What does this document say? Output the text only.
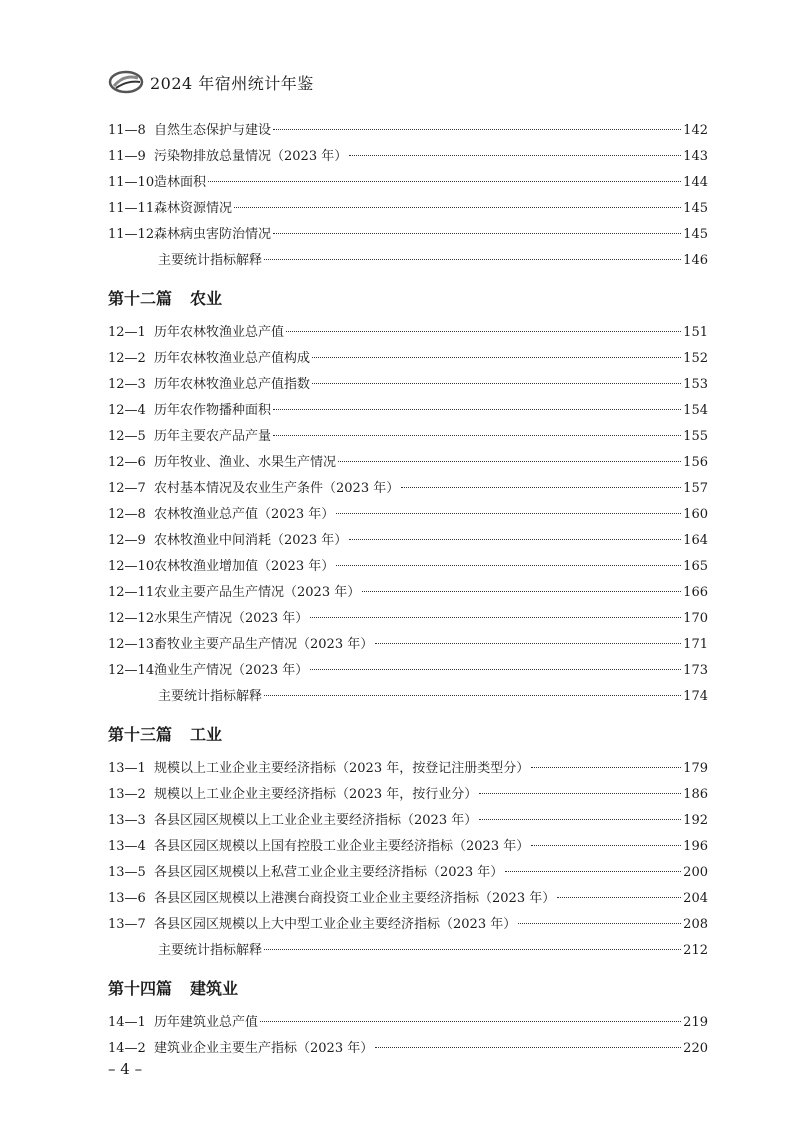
2024 年宿州统计年鉴
11—8 自然生态保护与建设	142
11—9 污染物排放总量情况（2023 年）	143
11—10造林面积	144
11—11森林资源情况	145
11—12森林病虫害防治情况	145
主要统计指标解释	146
第十二篇 农业
12—1 历年农林牧渔业总产值	151
12—2 历年农林牧渔业总产值构成	152
12—3 历年农林牧渔业总产值指数	153
12—4 历年农作物播种面积	154
12—5 历年主要农产品产量	155
12—6 历年牧业、渔业、水果生产情况	156
12—7 农村基本情况及农业生产条件（2023 年）	157
12—8 农林牧渔业总产值（2023 年）	160
12—9 农林牧渔业中间消耗（2023 年）	164
12—10农林牧渔业增加值（2023 年）	165
12—11农业主要产品生产情况（2023 年）	166
12—12水果生产情况（2023 年）	170
12—13畜牧业主要产品生产情况（2023 年）	171
12—14渔业生产情况（2023 年）	173
主要统计指标解释	174
第十三篇 工业
13—1 规模以上工业企业主要经济指标（2023 年，按登记注册类型分）	179
13—2 规模以上工业企业主要经济指标（2023 年，按行业分）	186
13—3 各县区园区规模以上工业企业主要经济指标（2023 年）	192
13—4 各县区园区规模以上国有控股工业企业主要经济指标（2023 年）	196
13—5 各县区园区规模以上私营工业企业主要经济指标（2023 年）	200
13—6 各县区园区规模以上港澳台商投资工业企业主要经济指标（2023 年）	204
13—7 各县区园区规模以上大中型工业企业主要经济指标（2023 年）	208
主要统计指标解释	212
第十四篇 建筑业
14—1 历年建筑业总产值	219
14—2 建筑业企业主要生产指标（2023 年）	220
– 4 –
